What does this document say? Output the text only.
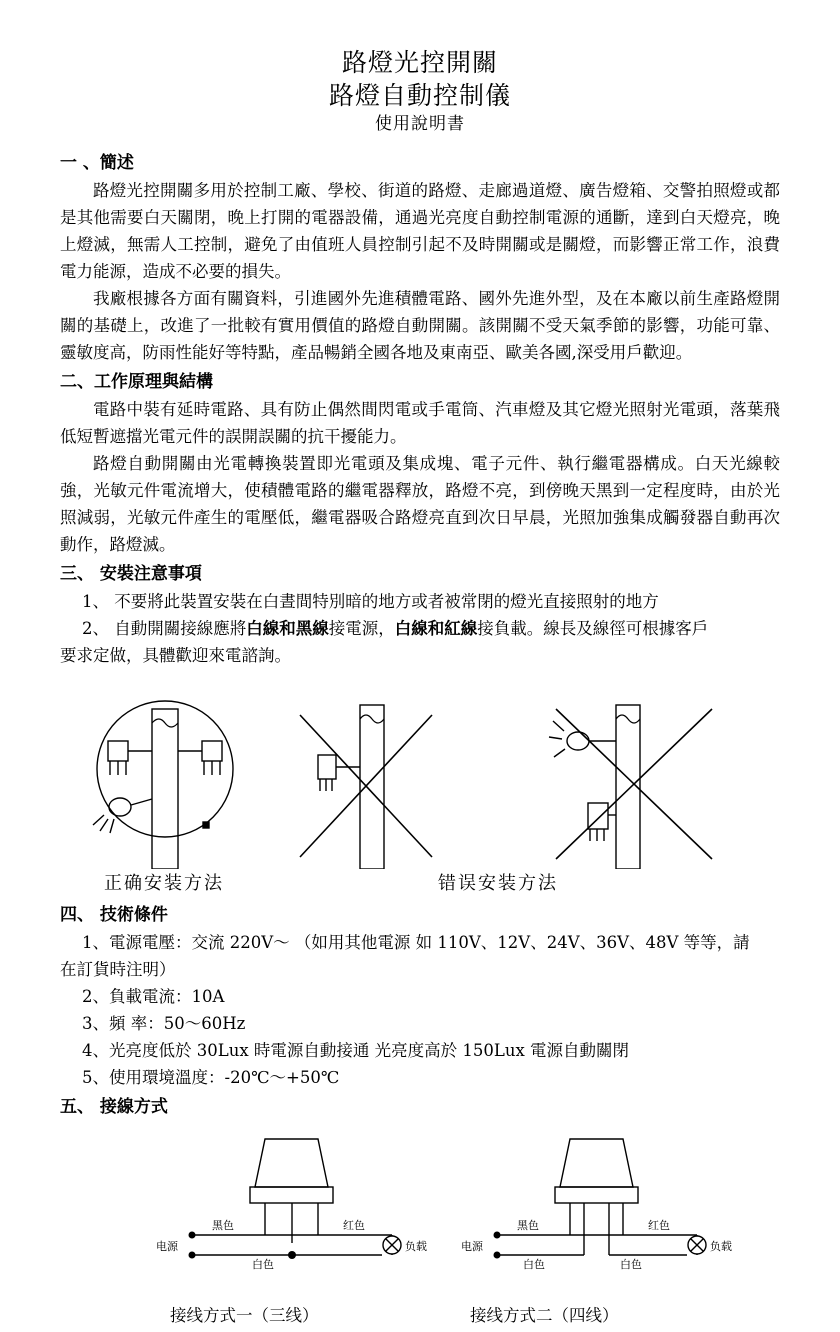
路燈光控開關
路燈自動控制儀
使用說明書
一 、簡述

路燈光控開關多用於控制工廠、學校、街道的路燈、走廊過道燈、廣告燈箱、交警拍照燈或都是其他需要白天關閉，晚上打開的電器設備，通過光亮度自動控制電源的通斷，達到白天燈亮，晚上燈滅，無需人工控制，避免了由值班人員控制引起不及時開關或是關燈，而影響正常工作，浪費電力能源，造成不必要的損失。

我廠根據各方面有關資料，引進國外先進積體電路、國外先進外型，及在本廠以前生產路燈開關的基礎上，改進了一批較有實用價值的路燈自動開關。該開關不受天氣季節的影響，功能可靠、靈敏度高，防雨性能好等特點，產品暢銷全國各地及東南亞、歐美各國,深受用戶歡迎。

二、工作原理與結構

電路中裝有延時電路、具有防止偶然間閃電或手電筒、汽車燈及其它燈光照射光電頭，落葉飛低短暫遮擋光電元件的誤開誤關的抗干擾能力。

路燈自動開關由光電轉換裝置即光電頭及集成塊、電子元件、執行繼電器構成。白天光線較強，光敏元件電流增大，使積體電路的繼電器釋放，路燈不亮，到傍晚天黑到一定程度時，由於光照減弱，光敏元件產生的電壓低，繼電器吸合路燈亮直到次日早晨，光照加強集成觸發器自動再次動作，路燈滅。

三、 安裝注意事項

1、 不要將此裝置安裝在白晝間特別暗的地方或者被常閉的燈光直接照射的地方

2、 自動開關接線應將白線和黑線接電源，白線和紅線接負載。線長及線徑可根據客戶

要求定做，具體歡迎來電諮詢。

正确安装方法	错误安装方法
四、 技術條件

1、電源電壓：交流 220V～ （如用其他電源 如 110V、12V、24V、36V、48V 等等，請

在訂貨時注明）

2、負載電流：10A

3、頻 率：50～60Hz

4、光亮度低於 30Lux 時電源自動接通 光亮度高於 150Lux 電源自動關閉

5、使用環境溫度：-20℃～+50℃

五、 接線方式
黑色	红色
白色
电源	负载
黑色	红色
白色	白色
电源	负载
接线方式一（三线）	接线方式二（四线）
